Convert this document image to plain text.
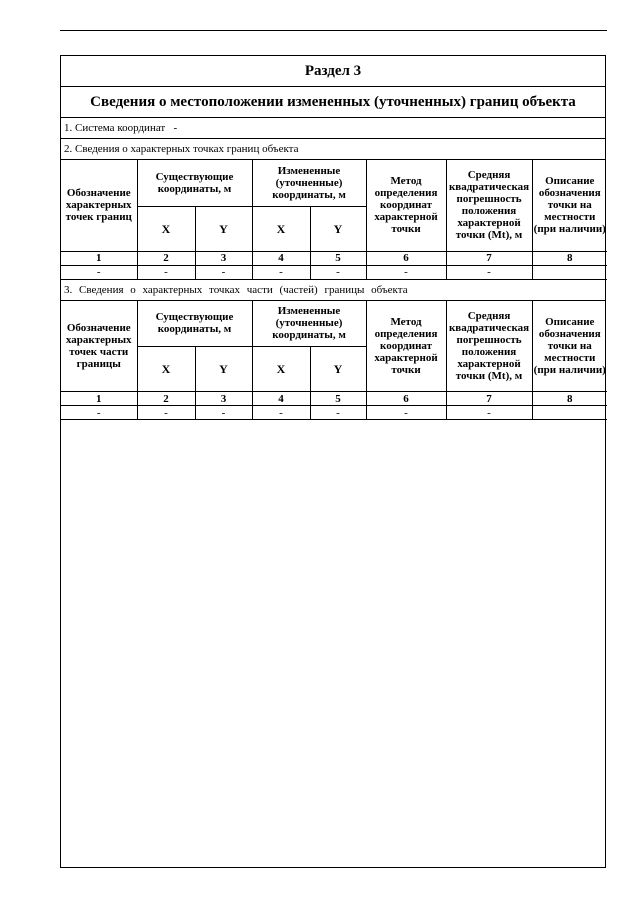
Раздел 3
Сведения о местоположении измененных (уточненных) границ объекта
1. Система координат   -
2. Сведения о характерных точках границ объекта
Обозначение характерных точек границ	Существующие координаты, м		Измененные (уточненные) координаты, м		Метод определения координат характерной точки	Средняя квадратическая погрешность положения характерной точки (Mt), м	Описание обозначения точки на местности (при наличии)
	X	Y	X	Y			
1	2	3	4	5	6	7	8
-	-	-	-	-	-	-	
3. Сведения о характерных точках части (частей) границы объекта
Обозначение характерных точек части границы	Существующие координаты, м		Измененные (уточненные) координаты, м		Метод определения координат характерной точки	Средняя квадратическая погрешность положения характерной точки (Mt), м	Описание обозначения точки на местности (при наличии)
	X	Y	X	Y			
1	2	3	4	5	6	7	8
-	-	-	-	-	-	-	
